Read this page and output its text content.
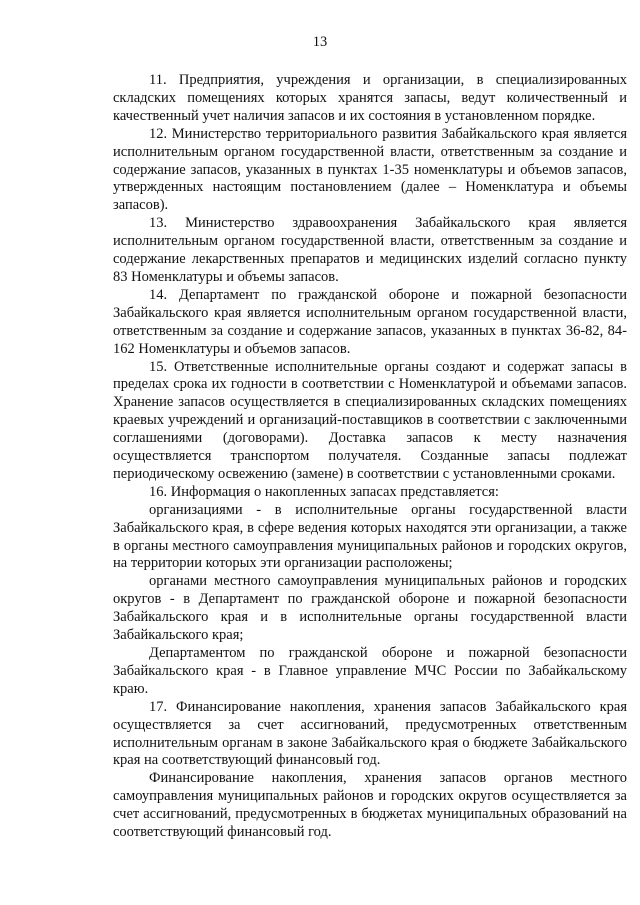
13

11. Предприятия, учреждения и организации, в специализированных складских помещениях которых хранятся запасы, ведут количественный и качественный учет наличия запасов и их состояния в установленном порядке.

12. Министерство территориального развития Забайкальского края является исполнительным органом государственной власти, ответственным за создание и содержание запасов, указанных в пунктах 1-35 номенклатуры и объемов запасов, утвержденных настоящим постановлением (далее – Номенклатура и объемы запасов).

13. Министерство здравоохранения Забайкальского края является исполнительным органом государственной власти, ответственным за создание и содержание лекарственных препаратов и медицинских изделий согласно пункту 83 Номенклатуры и объемы запасов.

14. Департамент по гражданской обороне и пожарной безопасности Забайкальского края является исполнительным органом государственной власти, ответственным за создание и содержание запасов, указанных в пунктах 36-82, 84-162 Номенклатуры и объемов запасов.

15. Ответственные исполнительные органы создают и содержат запасы в пределах срока их годности в соответствии с Номенклатурой и объемами запасов. Хранение запасов осуществляется в специализированных складских помещениях краевых учреждений и организаций-поставщиков в соответствии с заключенными соглашениями (договорами). Доставка запасов к месту назначения осуществляется транспортом получателя. Созданные запасы подлежат периодическому освежению (замене) в соответствии с установленными сроками.

16. Информация о накопленных запасах представляется:

организациями - в исполнительные органы государственной власти Забайкальского края, в сфере ведения которых находятся эти организации, а также в органы местного самоуправления муниципальных районов и городских округов, на территории которых эти организации расположены;

органами местного самоуправления муниципальных районов и городских округов - в Департамент по гражданской обороне и пожарной безопасности Забайкальского края и в исполнительные органы государственной власти Забайкальского края;

Департаментом по гражданской обороне и пожарной безопасности Забайкальского края - в Главное управление МЧС России по Забайкальскому краю.

17. Финансирование накопления, хранения запасов Забайкальского края осуществляется за счет ассигнований, предусмотренных ответственным исполнительным органам в законе Забайкальского края о бюджете Забайкальского края на соответствующий финансовый год.

Финансирование накопления, хранения запасов органов местного самоуправления муниципальных районов и городских округов осуществляется за счет ассигнований, предусмотренных в бюджетах муниципальных образований на соответствующий финансовый год.
